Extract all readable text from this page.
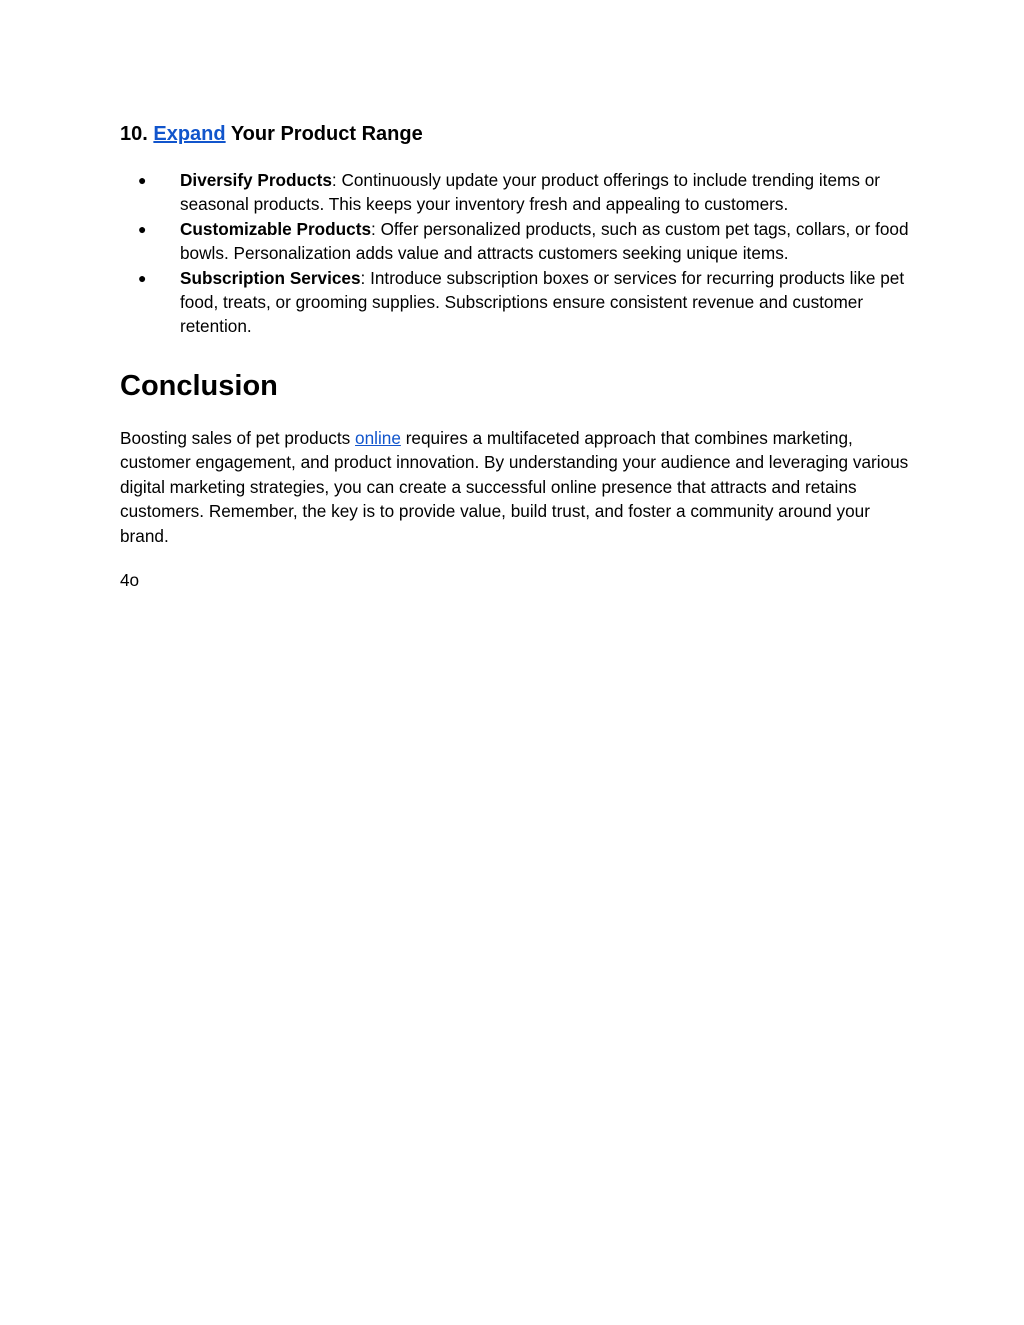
10. Expand Your Product Range
● Diversify Products: Continuously update your product offerings to include trending items or seasonal products. This keeps your inventory fresh and appealing to customers.
● Customizable Products: Offer personalized products, such as custom pet tags, collars, or food bowls. Personalization adds value and attracts customers seeking unique items.
● Subscription Services: Introduce subscription boxes or services for recurring products like pet food, treats, or grooming supplies. Subscriptions ensure consistent revenue and customer retention.
Conclusion

Boosting sales of pet products online requires a multifaceted approach that combines marketing, customer engagement, and product innovation. By understanding your audience and leveraging various digital marketing strategies, you can create a successful online presence that attracts and retains customers. Remember, the key is to provide value, build trust, and foster a community around your brand.

4o
